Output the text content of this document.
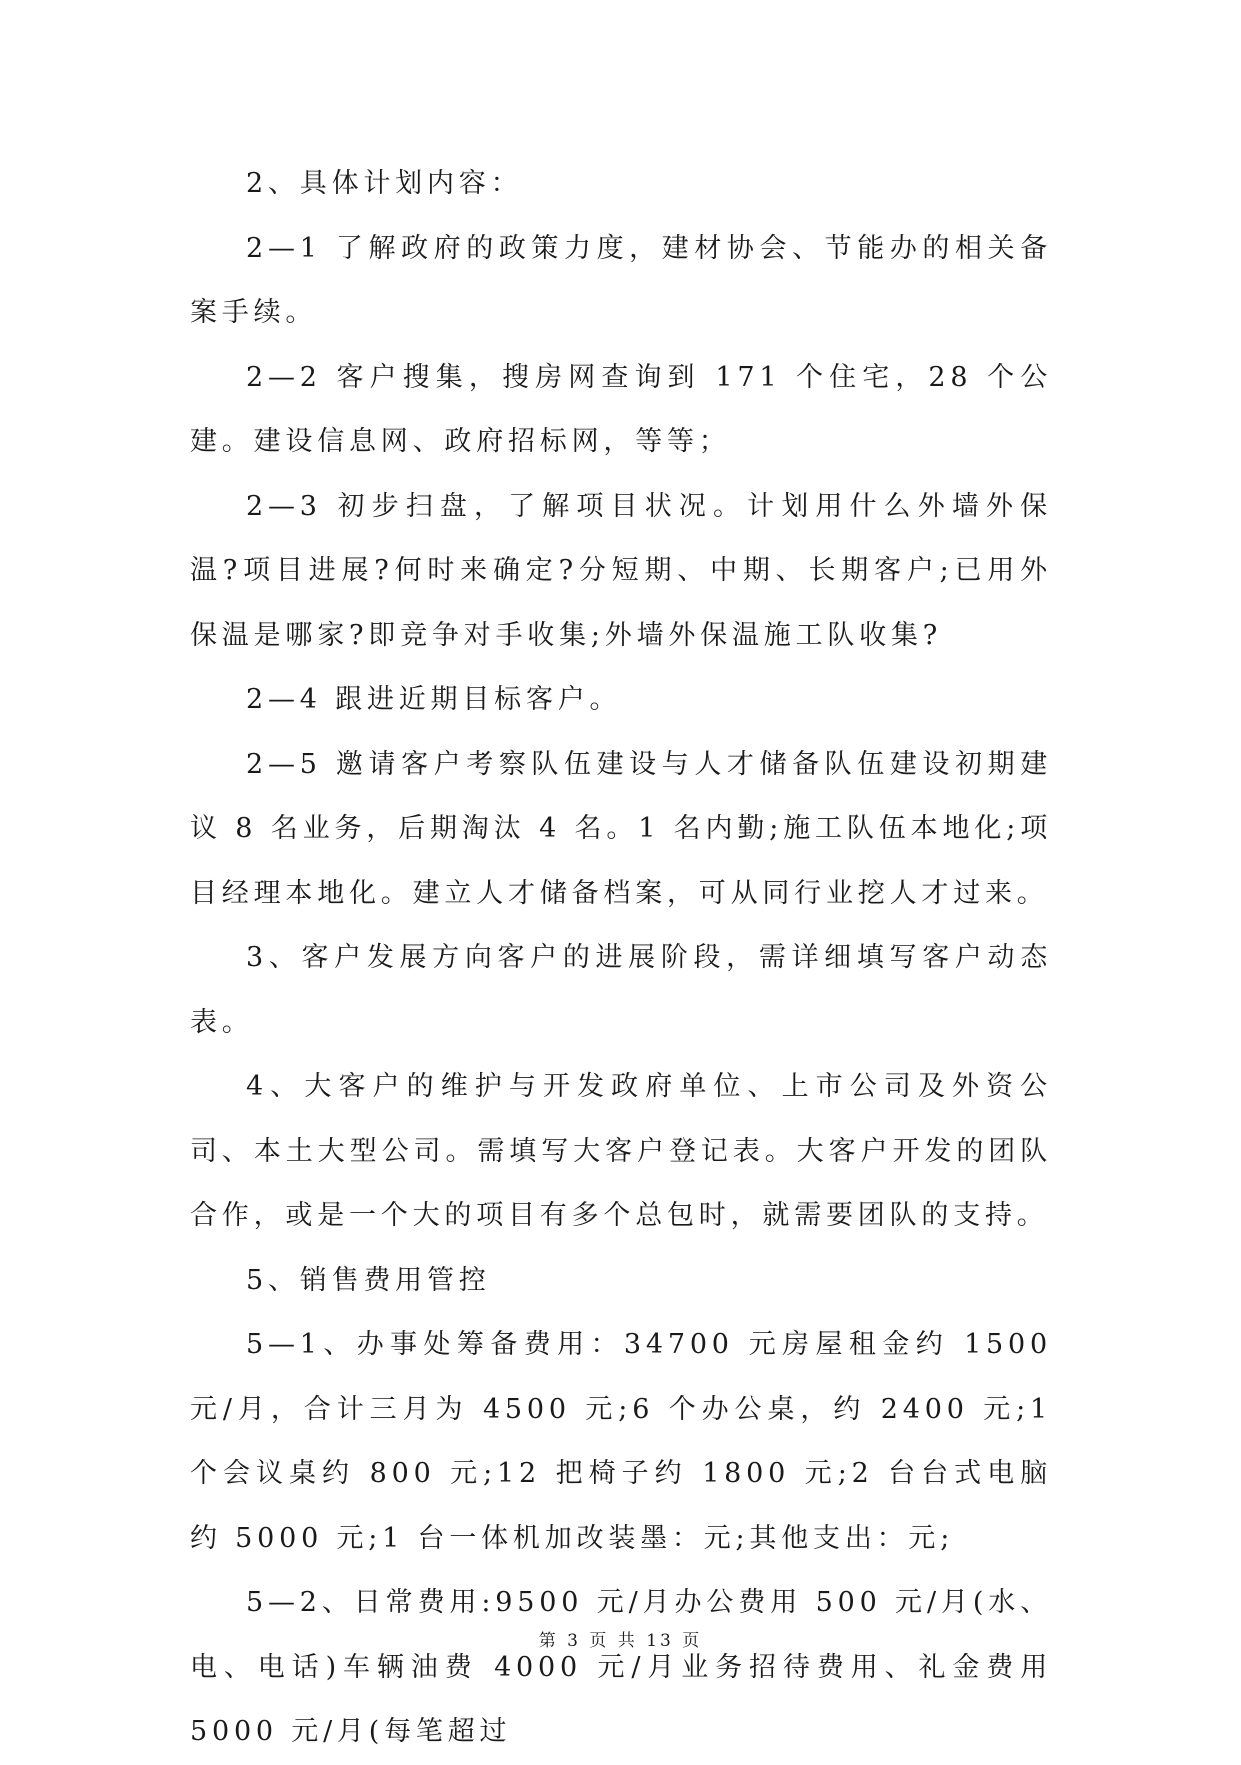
2、具体计划内容：

2—1 了解政府的政策力度，建材协会、节能办的相关备案手续。

2—2 客户搜集，搜房网查询到 171 个住宅，28 个公建。建设信息网、政府招标网，等等；

2—3 初步扫盘，了解项目状况。计划用什么外墙外保温?项目进展?何时来确定?分短期、中期、长期客户;已用外保温是哪家?即竞争对手收集;外墙外保温施工队收集?

2—4 跟进近期目标客户。

2—5 邀请客户考察队伍建设与人才储备队伍建设初期建议 8 名业务，后期淘汰 4 名。1 名内勤;施工队伍本地化;项目经理本地化。建立人才储备档案，可从同行业挖人才过来。

3、客户发展方向客户的进展阶段，需详细填写客户动态表。

4、大客户的维护与开发政府单位、上市公司及外资公司、本土大型公司。需填写大客户登记表。大客户开发的团队合作，或是一个大的项目有多个总包时，就需要团队的支持。

5、销售费用管控

5—1、办事处筹备费用：34700 元房屋租金约 1500 元/月，合计三月为 4500 元;6 个办公桌，约 2400 元;1 个会议桌约 800 元;12 把椅子约 1800 元;2 台台式电脑约 5000 元;1 台一体机加改装墨：元;其他支出：元;

5—2、日常费用:9500 元/月办公费用 500 元/月(水、电、电话)车辆油费 4000 元/月业务招待费用、礼金费用 5000 元/月(每笔超过

第 3 页 共 13 页
